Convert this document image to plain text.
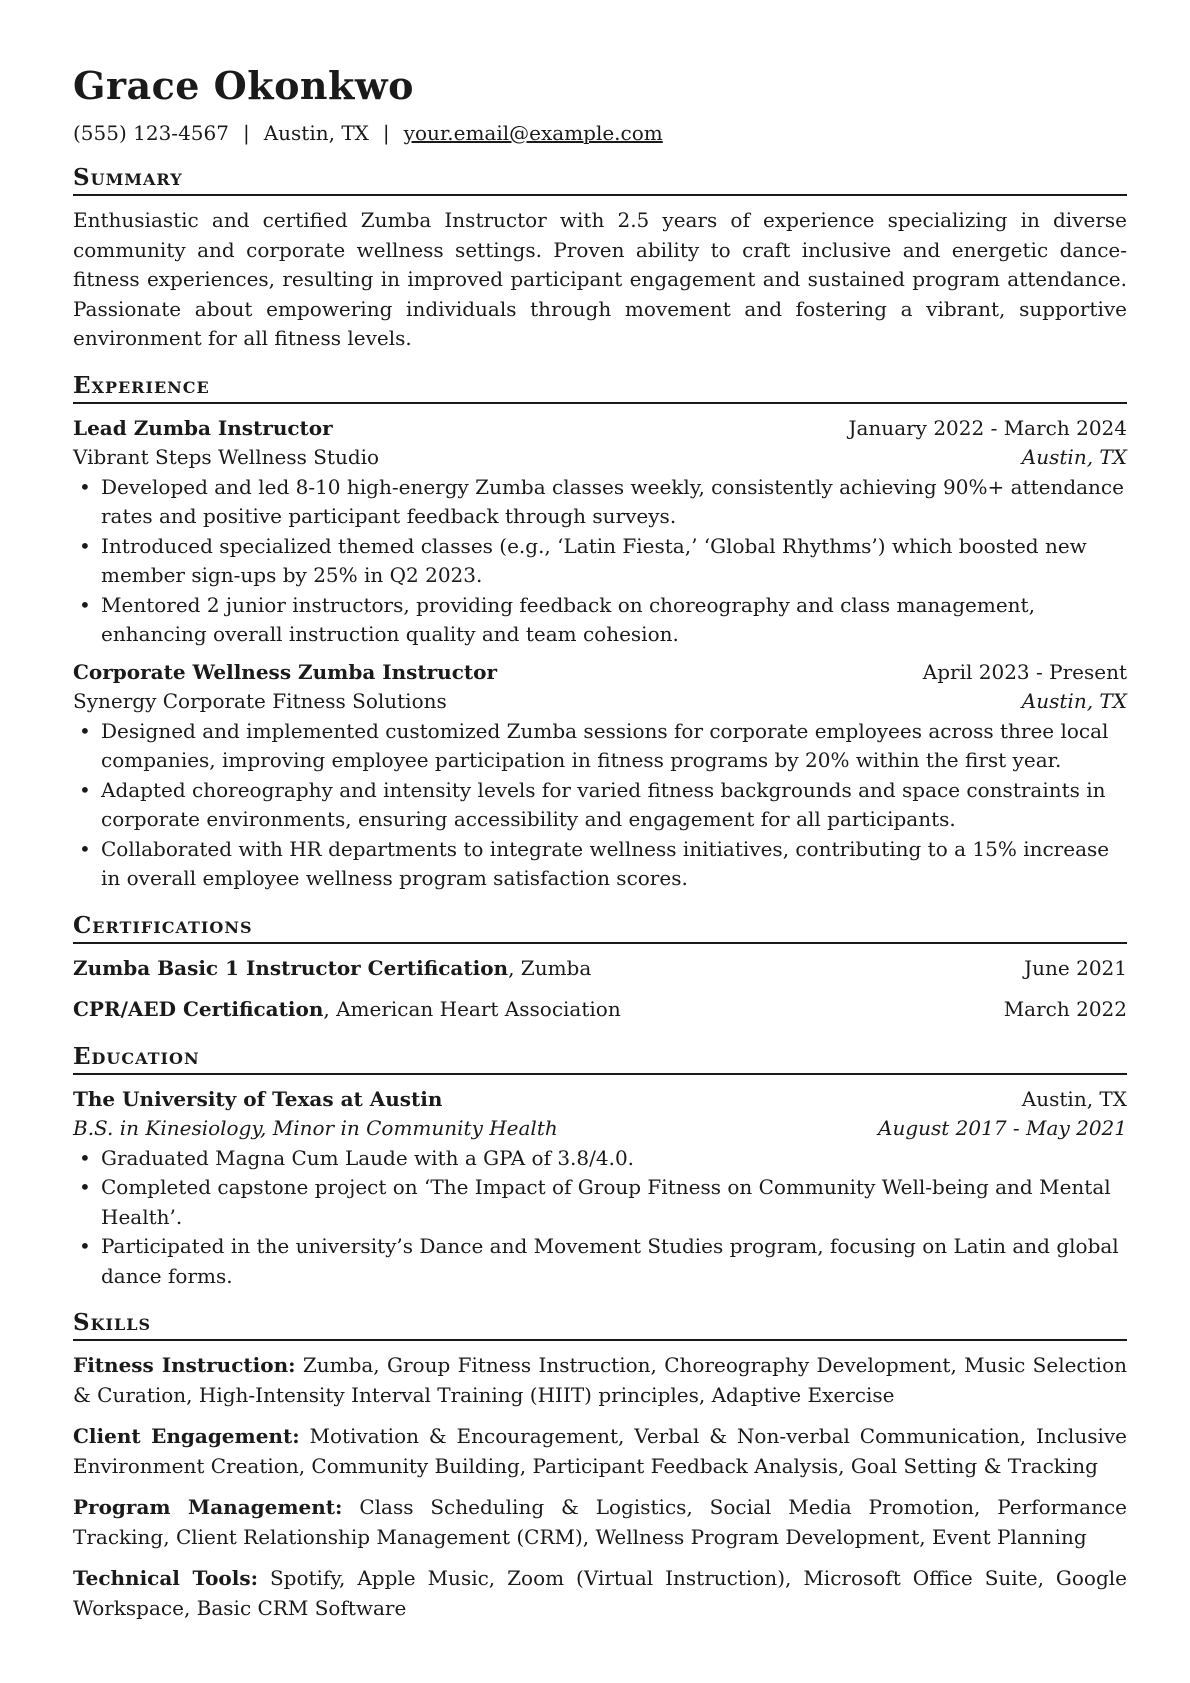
Grace Okonkwo
(555) 123-4567 | Austin, TX | your.email@example.com
Summary

Enthusiastic and certified Zumba Instructor with 2.5 years of experience specializing in diverse community and corporate wellness settings. Proven ability to craft inclusive and energetic dance-fitness experiences, resulting in improved participant engagement and sustained program attendance. Passionate about empowering individuals through movement and fostering a vibrant, supportive environment for all fitness levels.

Experience
Lead Zumba Instructor	January 2022 - March 2024
Vibrant Steps Wellness Studio	Austin, TX
• Developed and led 8-10 high-energy Zumba classes weekly, consistently achieving 90%+ attendance rates and positive participant feedback through surveys.
• Introduced specialized themed classes (e.g., ‘Latin Fiesta,’ ‘Global Rhythms’) which boosted new member sign-ups by 25% in Q2 2023.
• Mentored 2 junior instructors, providing feedback on choreography and class management, enhancing overall instruction quality and team cohesion.
Corporate Wellness Zumba Instructor	April 2023 - Present
Synergy Corporate Fitness Solutions	Austin, TX
• Designed and implemented customized Zumba sessions for corporate employees across three local companies, improving employee participation in fitness programs by 20% within the first year.
• Adapted choreography and intensity levels for varied fitness backgrounds and space constraints in corporate environments, ensuring accessibility and engagement for all participants.
• Collaborated with HR departments to integrate wellness initiatives, contributing to a 15% increase in overall employee wellness program satisfaction scores.
Certifications
Zumba Basic 1 Instructor Certification, Zumba	June 2021
CPR/AED Certification, American Heart Association	March 2022
Education
The University of Texas at Austin	Austin, TX
B.S. in Kinesiology, Minor in Community Health	August 2017 - May 2021
• Graduated Magna Cum Laude with a GPA of 3.8/4.0.
• Completed capstone project on ‘The Impact of Group Fitness on Community Well-being and Mental Health’.
• Participated in the university’s Dance and Movement Studies program, focusing on Latin and global dance forms.
Skills
Fitness Instruction: Zumba, Group Fitness Instruction, Choreography Development, Music Selection & Curation, High-Intensity Interval Training (HIIT) principles, Adaptive Exercise
Client Engagement: Motivation & Encouragement, Verbal & Non-verbal Communication, Inclusive Environment Creation, Community Building, Participant Feedback Analysis, Goal Setting & Tracking
Program Management: Class Scheduling & Logistics, Social Media Promotion, Performance Tracking, Client Relationship Management (CRM), Wellness Program Development, Event Planning
Technical Tools: Spotify, Apple Music, Zoom (Virtual Instruction), Microsoft Office Suite, Google Workspace, Basic CRM Software
